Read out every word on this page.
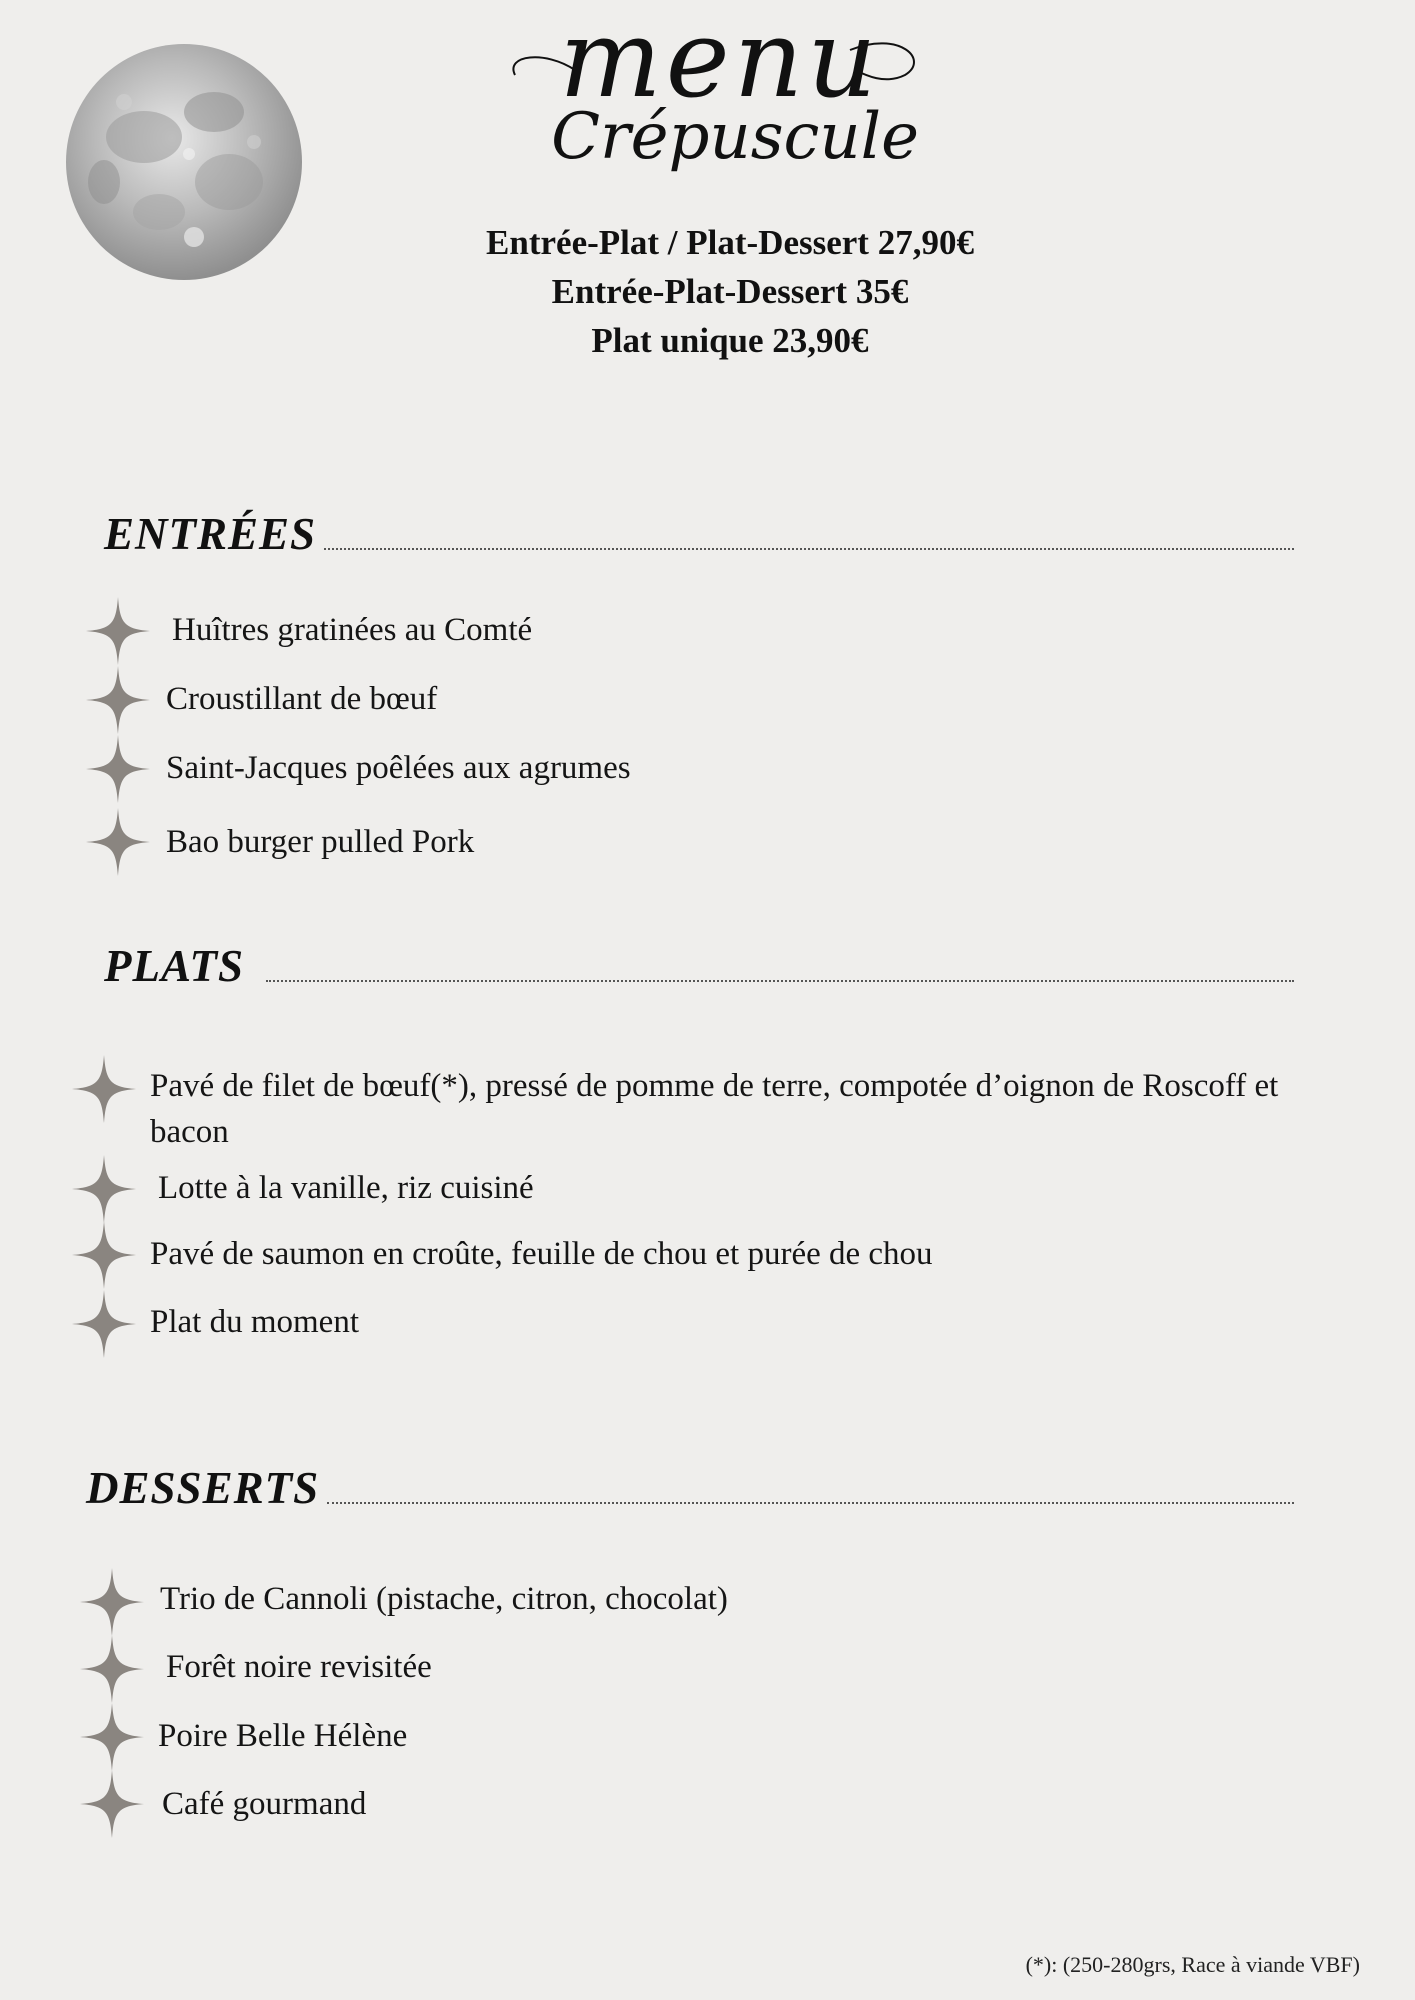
menu
Crépuscule
Entrée-Plat / Plat-Dessert 27,90€
Entrée-Plat-Dessert 35€
Plat unique 23,90€
ENTRÉES
Huîtres gratinées au Comté
Croustillant de bœuf
Saint-Jacques poêlées aux agrumes
Bao burger pulled Pork
PLATS
Pavé de filet de bœuf(*), pressé de pomme de terre, compotée d’oignon de Roscoff et bacon
Lotte à la vanille, riz cuisiné
Pavé de saumon en croûte, feuille de chou et purée de chou
Plat du moment
DESSERTS
Trio de Cannoli (pistache, citron, chocolat)
Forêt noire revisitée
Poire Belle Hélène
Café gourmand
(*): (250-280grs, Race à viande VBF)
